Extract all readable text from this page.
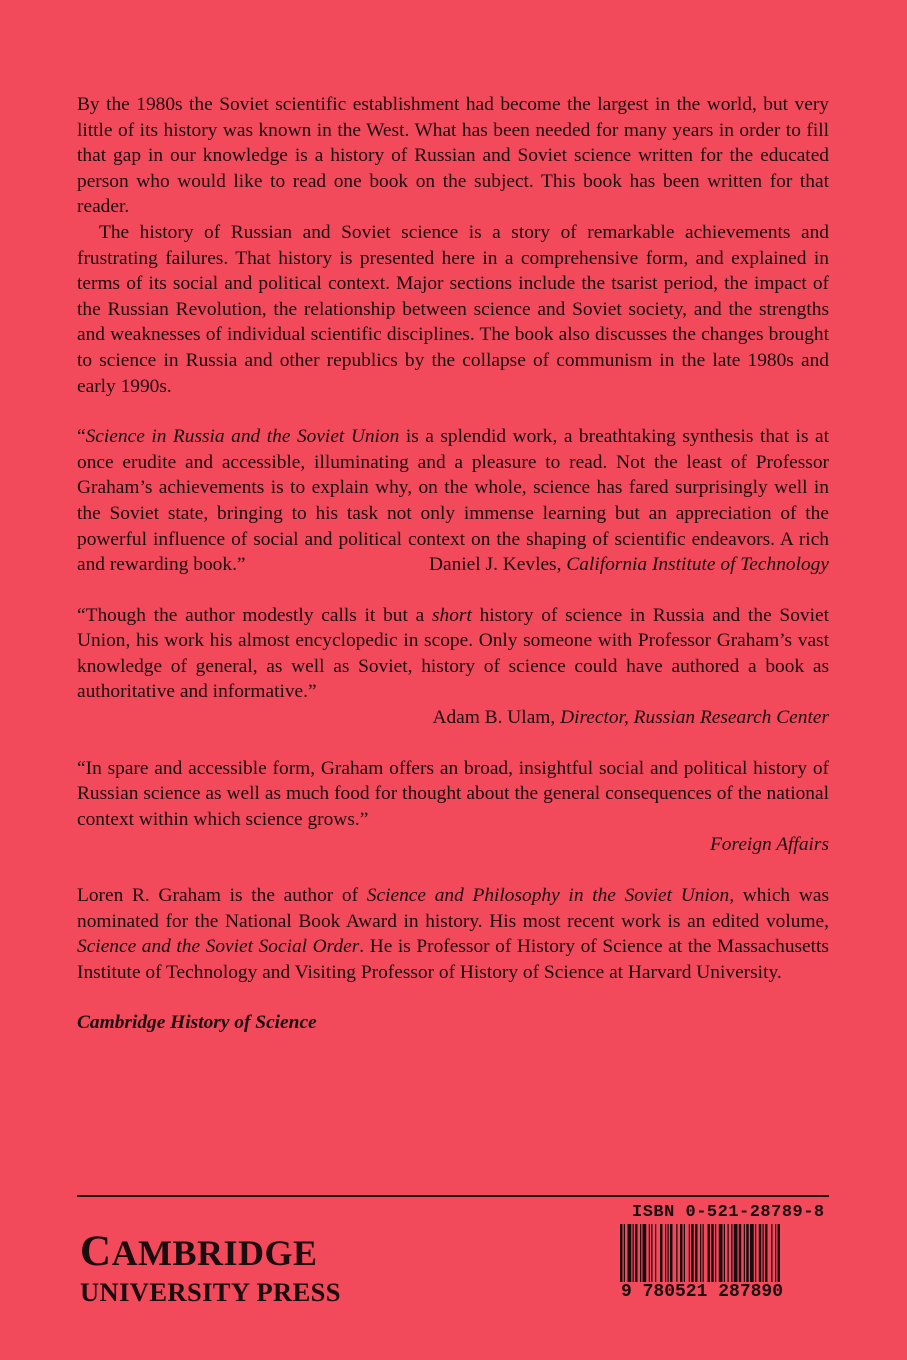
By the 1980s the Soviet scientific establishment had become the largest in the world, but very little of its history was known in the West. What has been needed for many years in order to fill that gap in our knowledge is a history of Russian and Soviet science written for the educated person who would like to read one book on the subject. This book has been written for that reader.

The history of Russian and Soviet science is a story of remarkable achievements and frustrating failures. That history is presented here in a comprehensive form, and explained in terms of its social and political context. Major sections include the tsarist period, the impact of the Russian Revolution, the relationship between science and Soviet society, and the strengths and weaknesses of individual scientific disciplines. The book also discusses the changes brought to science in Russia and other republics by the collapse of communism in the late 1980s and early 1990s.

“Science in Russia and the Soviet Union is a splendid work, a breathtaking synthesis that is at once erudite and accessible, illuminating and a pleasure to read. Not the least of Professor Graham’s achievements is to explain why, on the whole, science has fared surprisingly well in the Soviet state, bringing to his task not only immense learning but an appreciation of the powerful influence of social and political context on the shaping of scientific endeavors. A rich and rewarding book.”	Daniel J. Kevles, California Institute of Technology

“Though the author modestly calls it but a short history of science in Russia and the Soviet Union, his work his almost encyclopedic in scope. Only someone with Professor Graham’s vast knowledge of general, as well as Soviet, history of science could have authored a book as authoritative and informative.”

Adam B. Ulam, Director, Russian Research Center

“In spare and accessible form, Graham offers an broad, insightful social and political history of Russian science as well as much food for thought about the general consequences of the national context within which science grows.”

Foreign Affairs

Loren R. Graham is the author of Science and Philosophy in the Soviet Union, which was nominated for the National Book Award in history. His most recent work is an edited volume, Science and the Soviet Social Order. He is Professor of History of Science at the Massachusetts Institute of Technology and Visiting Professor of History of Science at Harvard University.

Cambridge History of Science
CAMBRIDGE
UNIVERSITY PRESS
ISBN 0-521-28789-8
9 780521 287890
